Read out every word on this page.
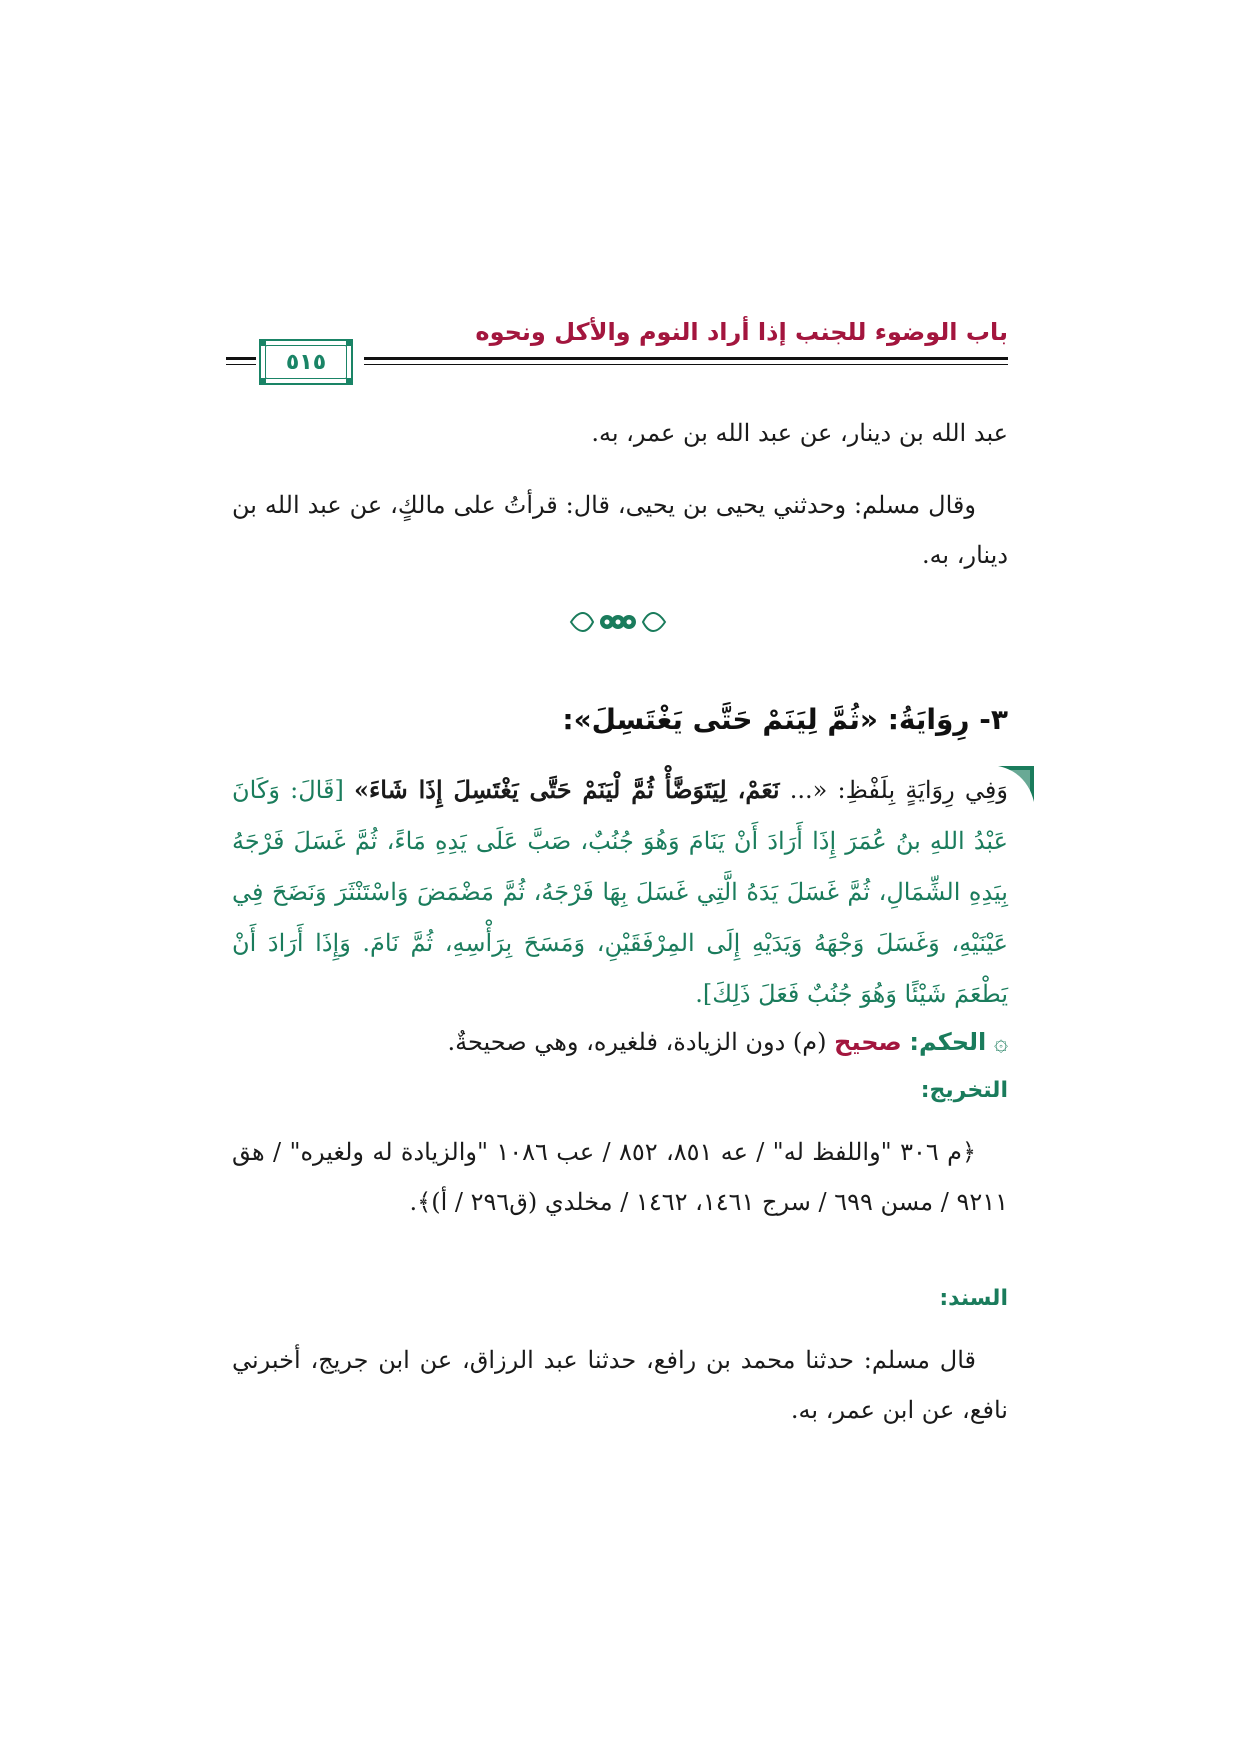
باب الوضوء للجنب إذا أراد النوم والأكل ونحوه
٥١٥
عبد الله بن دينار، عن عبد الله بن عمر، به.
وقال مسلم: وحدثني يحيى بن يحيى، قال: قرأتُ على مالكٍ، عن عبد الله بن دينار، به.
٣- رِوَايَةُ: «ثُمَّ لِيَنَمْ حَتَّى يَغْتَسِلَ»:
وَفِي رِوَايَةٍ بِلَفْظِ: «... نَعَمْ، لِيَتَوَضَّأْ ثُمَّ لْيَنَمْ حَتَّى يَغْتَسِلَ إِذَا شَاءَ» [قَالَ: وَكَانَ عَبْدُ اللهِ بنُ عُمَرَ إِذَا أَرَادَ أَنْ يَنَامَ وَهُوَ جُنُبٌ، صَبَّ عَلَى يَدِهِ مَاءً، ثُمَّ غَسَلَ فَرْجَهُ بِيَدِهِ الشِّمَالِ، ثُمَّ غَسَلَ يَدَهُ الَّتِي غَسَلَ بِهَا فَرْجَهُ، ثُمَّ مَضْمَضَ وَاسْتَنْثَرَ وَنَضَحَ فِي عَيْنَيْهِ، وَغَسَلَ وَجْهَهُ وَيَدَيْهِ إِلَى المِرْفَقَيْنِ، وَمَسَحَ بِرَأْسِهِ، ثُمَّ نَامَ. وَإِذَا أَرَادَ أَنْ يَطْعَمَ شَيْئًا وَهُوَ جُنُبٌ فَعَلَ ذَلِكَ].
۞ الحكم: صحيح (م) دون الزيادة، فلغيره، وهي صحيحةٌ.
التخريج:
﴿م ٣٠٦ "واللفظ له" / عه ٨٥١، ٨٥٢ / عب ١٠٨٦ "والزيادة له ولغيره" / هق ٩٢١١ / مسن ٦٩٩ / سرج ١٤٦١، ١٤٦٢ / مخلدي (ق٢٩٦ / أ)﴾.
السند:
قال مسلم: حدثنا محمد بن رافع، حدثنا عبد الرزاق، عن ابن جريج، أخبرني نافع، عن ابن عمر، به.
